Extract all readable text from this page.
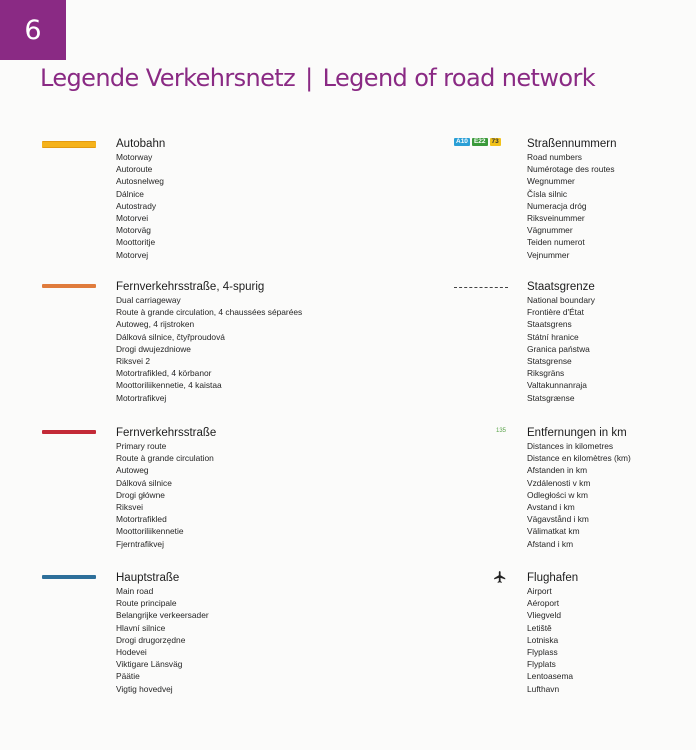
6
Legende Verkehrsnetz | Legend of road network
Autobahn
Motorway
Autoroute
Autosnelweg
Dálnice
Autostrady
Motorvei
Motorväg
Moottoritje
Motorvej
Fernverkehrsstraße, 4-spurig
Dual carriageway
Route à grande circulation, 4 chaussées séparées
Autoweg, 4 rijstroken
Dálková silnice, čtyřproudová
Drogi dwujezdniowe
Riksvei 2
Motortrafikled, 4 körbanor
Moottoriliikennetie, 4 kaistaa
Motortrafikvej
Fernverkehrsstraße
Primary route
Route à grande circulation
Autoweg
Dálková silnice
Drogi główne
Riksvei
Motortrafikled
Moottoriliikennetie
Fjerntrafikvej
Hauptstraße
Main road
Route principale
Belangrijke verkeersader
Hlavní silnice
Drogi drugorzędne
Hodevei
Viktigare Länsväg
Päätie
Vigtig hovedvej
A10 E22 73 Straßennummern
Road numbers
Numérotage des routes
Wegnummer
Čísla silnic
Numeracja dróg
Riksveinummer
Vägnummer
Teiden numerot
Vejnummer
Staatsgrenze
National boundary
Frontière d'État
Staatsgrens
Státní hranice
Granica państwa
Statsgrense
Riksgräns
Valtakunnanraja
Statsgrænse
135 Entfernungen in km
Distances in kilometres
Distance en kilomètres (km)
Afstanden in km
Vzdálenosti v km
Odległości w km
Avstand i km
Vägavstånd i km
Välimatkat km
Afstand i km
Flughafen
Airport
Aéroport
Vliegveld
Letiště
Lotniska
Flyplass
Flyplats
Lentoasema
Lufthavn
